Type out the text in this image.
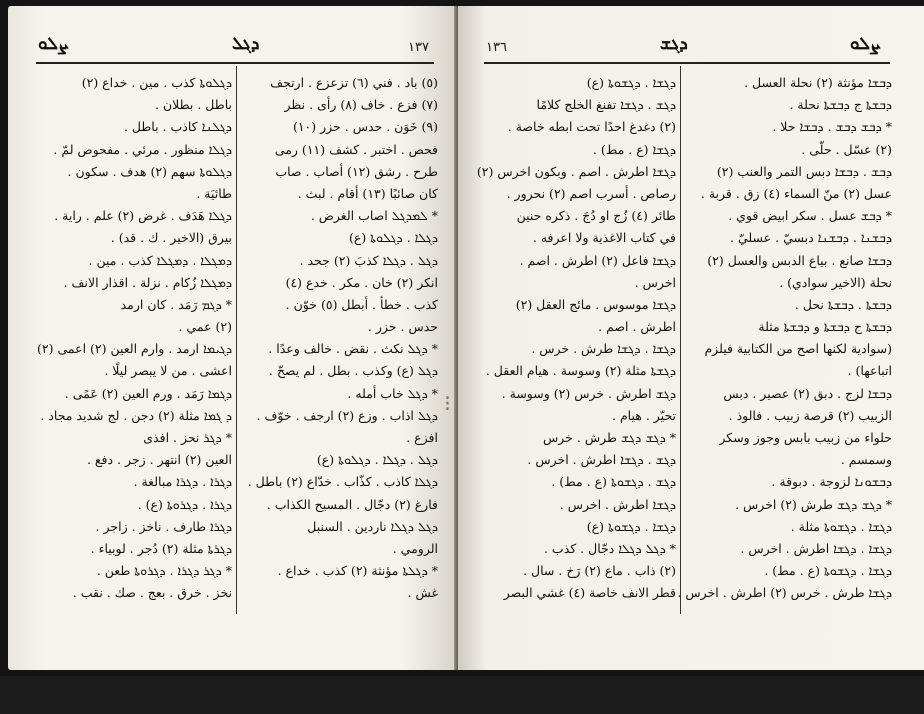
ܨܠܘ	ܕܓܠ	١٣٧
(٥) باد . فني (٦) تزعزع . ارتجف
(٧) فزع . خاف (٨) رأى . نظر
(٩) خَوَن . حدس . حزر (١٠)
فحص . اختبر . كشف (١١) رمى
طرح . رشق (١٢) أصاب . صاب
كان صائبًا (١٣) أقام . لبث .
* ܠܡܕܓܠ اصاب الغرض .
ܕܓܠܐ . ܕܓܠܘܬܐ (ع)
ܕܓܠ . ܕܓܠܐ كذبَ (٢) جحد .
انكر (٢) خان . مكر . خدع (٤)
كذب . خطأ . أبطل (٥) خوّن .
حدس . حزر .
* ܕܓܠ نكث . نقض . خالف وعدًا .
ܕܓܠ (ع) وكذب . بطل . لم يصحّ .
* ܕܓܠ خاب أمله .
ܕܓܠ اذاب . وزع (٢) ارجف . خوّف .
افزع .
ܕܓܠ . ܕܓܠܐ . ܕܓܠܘܬܐ (ع)
ܕܓܠܐ كاذب . كذّاب . خدّاع (٢) باطل .
فارغ (٢) دجّال . المسيح الكذاب .
ܕܓܠ ܕܓܠܐ ناردين . السنبل
الرومي .
* ܕܓܠܬܐ مؤنثة (٢) كذب . خداع .
غش .
ܕܓܠܘܬܐ كذب . مين . خداع (٢)
باطل . بطلان .
ܕܓܠܢܐ كاذب . باطل .
ܕܓܠܐ منظور . مرئي . مفحوص لمّ .
ܕܓܠܘܬܐ سهم (٢) هدف . سكون .
طائيَة .
ܕܓܠܐ هَدَف . غرض (٢) علم . راية .
بيرق (الاخير . ك . قد) .
ܕܡܓܠܐ . ܕܡܓܠܐ كذب . مين .
ܕܡܓܠܐ زُكام . نزلة . اقذار الانف .
* ܕܓܡ رَمَد . كان ارمد
(٢) عمي .
ܕܓܝܡܐ ارمد . وارم العين (٢) اعمى (٢)
اعشى . من لا يبصر ليلًا .
ܕܓܡܐ رَمَد . ورم العين (٢) عَمًى .
ܕ ܓܡܐ مثلة (٢) دجن . لج شديد مجاد .
* ܕܓܪ نحز . افذى
العين (٢) انتهر . زجر . دفع .
ܕܓܪܐ . ܕܓܪܐ مبالغة .
ܕܓܪܐ . ܕܓܪܘܬܐ (ع) .
ܕܓܪܐ طارف . ناخز . زاجر .
ܕܓܪܬܐ مثلة (٢) دُجر . لوبياء .
* ܕܓܪ ܕܓܪܐ . ܕܓܪܘܬܐ طعن .
نخز . خرق . بعج . صك . نقب .
١٣٦	ܕܓܫ	ܨܠܘ
ܕܒܫܐ مؤنثة (٢) نحلة العسل .
ܕܒܫܬܐ ج ܕܒܫܬܐ نحلة .
* ܕܒܫ ܕܒܫ . ܕܒܫܐ حلا .
(٢) عسّل . حلّى .
ܕܒܫ . ܕܒܫܐ دبس التمر والعنب (٢)
عسل (٢) منّ السماء (٤) زق . قربة .
* ܕܒܫ عسل . سكر ابيض قوي .
ܕܒܫܢܐ . ܕܒܫܢܐ دبسيّ . عسليّ .
ܕܒܫܐ صانع . بياع الدبس والعسل (٢)
نحلة (الاخير سوادي) .
ܕܒܫܬܐ . ܕܒܫܬܐ نحل .
ܕܒܫܬܐ ج ܕܒܫܬܐ و ܕܒܫܬܐ مثلة
(سوادية لكنها اصح من الكتابية فيلزم
اتباعها) .
ܕܒܫܐ لزج . دبق (٢) عصير . دبس
الزبيب (٢) قرصة زبيب . فالوذ .
حلواء من زبيب بابس وجوز وسكر
وسمسم .
ܕܒܫܘܢܐ لزوجة . دبوقة .
* ܕܓܫ ܕܓܫ طرش (٢) اخرس .
ܕܓܫܐ . ܕܓܫܘܬܐ مثلة .
ܕܓܫܐ . ܕܓܫܐ اطرش . اخرس .
ܕܓܫܐ . ܕܓܫܘܬܐ (ع . مط) .
ܕܓܫܐ طرش . خرس (٢) اطرش . اخرس .
ܕܓܫܐ . ܕܓܫܘܬܐ (ع)
ܕܓܫ . ܕܓܫܐ تفنغ الخلج كلامًا
(٢) دغدغ احدًا تحت ابطه خاصة .
ܕܓܫܐ (ع . مط) .
ܕܓܫܐ اطرش . اصم . وبكون اخرس (٢)
رصاص . أسرب اصم (٢) نحرور .
طائر (٤) زُج او دُجَ . ذكره حنين
في كتاب الاغذية ولا اعرفه .
ܕܓܫܐ فاعل (٢) اطرش . اصم .
اخرس .
ܕܓܫܐ موسوس . مائج العقل (٢)
اطرش . اصم .
ܕܓܫܐ . ܕܓܫܐ طرش . خرس .
ܕܓܫܬܐ مثلة (٢) وسوسة . هيام العقل .
ܕܓܫ اطرش . خرس (٢) وسوسة .
تحيّر . هيام .
* ܕܓܫ ܕܓܫ طرش . خرس
ܕܓܫ . ܕܓܫܐ اطرش . اخرس .
ܕܓܫ . ܕܓܫܘܬܐ (ع . مط) .
ܕܓܫܐ اطرش . اخرس .
ܕܓܫܐ . ܕܓܫܘܬܐ (ع)
* ܕܓܠ ܕܓܠܐ دجّال . كذب .
(٢) ذاب . ماع (٢) رَخ . سال .
قطر الانف خاصة (٤) غشي البصر
⁝
